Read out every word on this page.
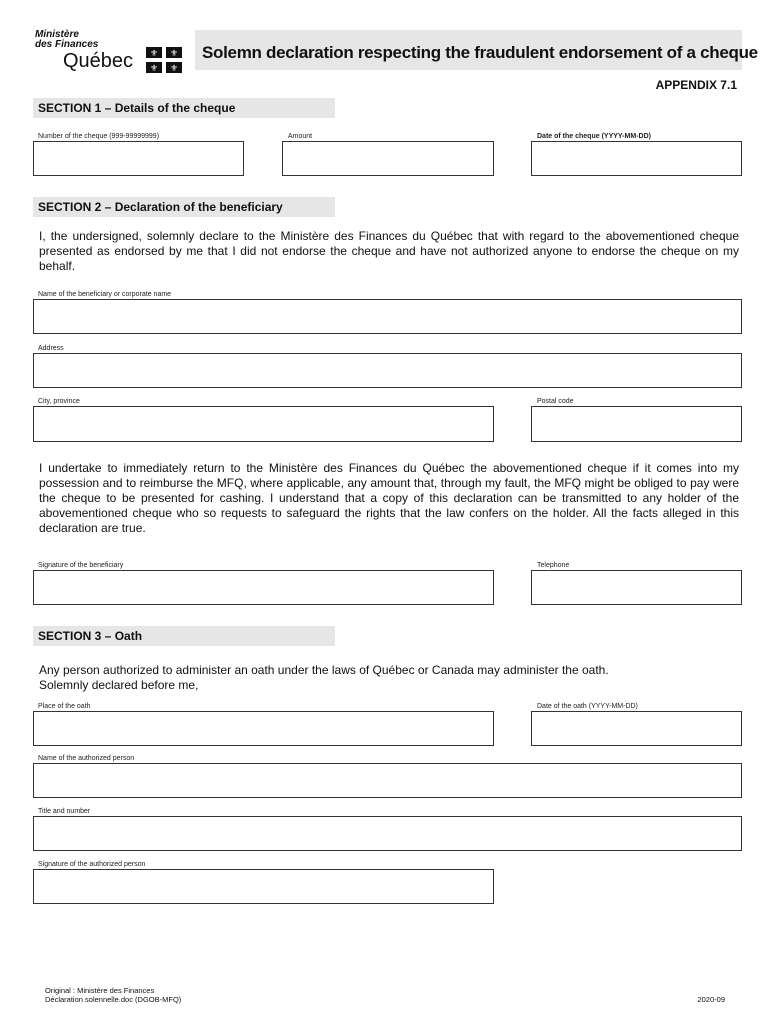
Ministère
des Finances
Québec ⚜ ⚜
⚜ ⚜
Solemn declaration respecting the fraudulent endorsement of a cheque
APPENDIX 7.1
SECTION 1 – Details of the cheque
Number of the cheque (999-99999999)	Amount	Date of the cheque (YYYY-MM-DD)
SECTION 2 – Declaration of the beneficiary
I, the undersigned, solemnly declare to the Ministère des Finances du Québec that with regard to the abovementioned cheque presented as endorsed by me that I did not endorse the cheque and have not authorized anyone to endorse the cheque on my behalf.
Name of the beneficiary or corporate name
Address
City, province	Postal code
I undertake to immediately return to the Ministère des Finances du Québec the abovementioned cheque if it comes into my possession and to reimburse the MFQ, where applicable, any amount that, through my fault, the MFQ might be obliged to pay were the cheque to be presented for cashing. I understand that a copy of this declaration can be transmitted to any holder of the abovementioned cheque who so requests to safeguard the rights that the law confers on the holder. All the facts alleged in this declaration are true.
Signature of the beneficiary	Telephone
SECTION 3 – Oath
Any person authorized to administer an oath under the laws of Québec or Canada may administer the oath.
Solemnly declared before me,
Place of the oath	Date of the oath (YYYY-MM-DD)
Name of the authorized person
Title and number
Signature of the authorized person
Original : Ministère des Finances
Déclaration solennelle.doc (DGOB-MFQ)	2020-09
